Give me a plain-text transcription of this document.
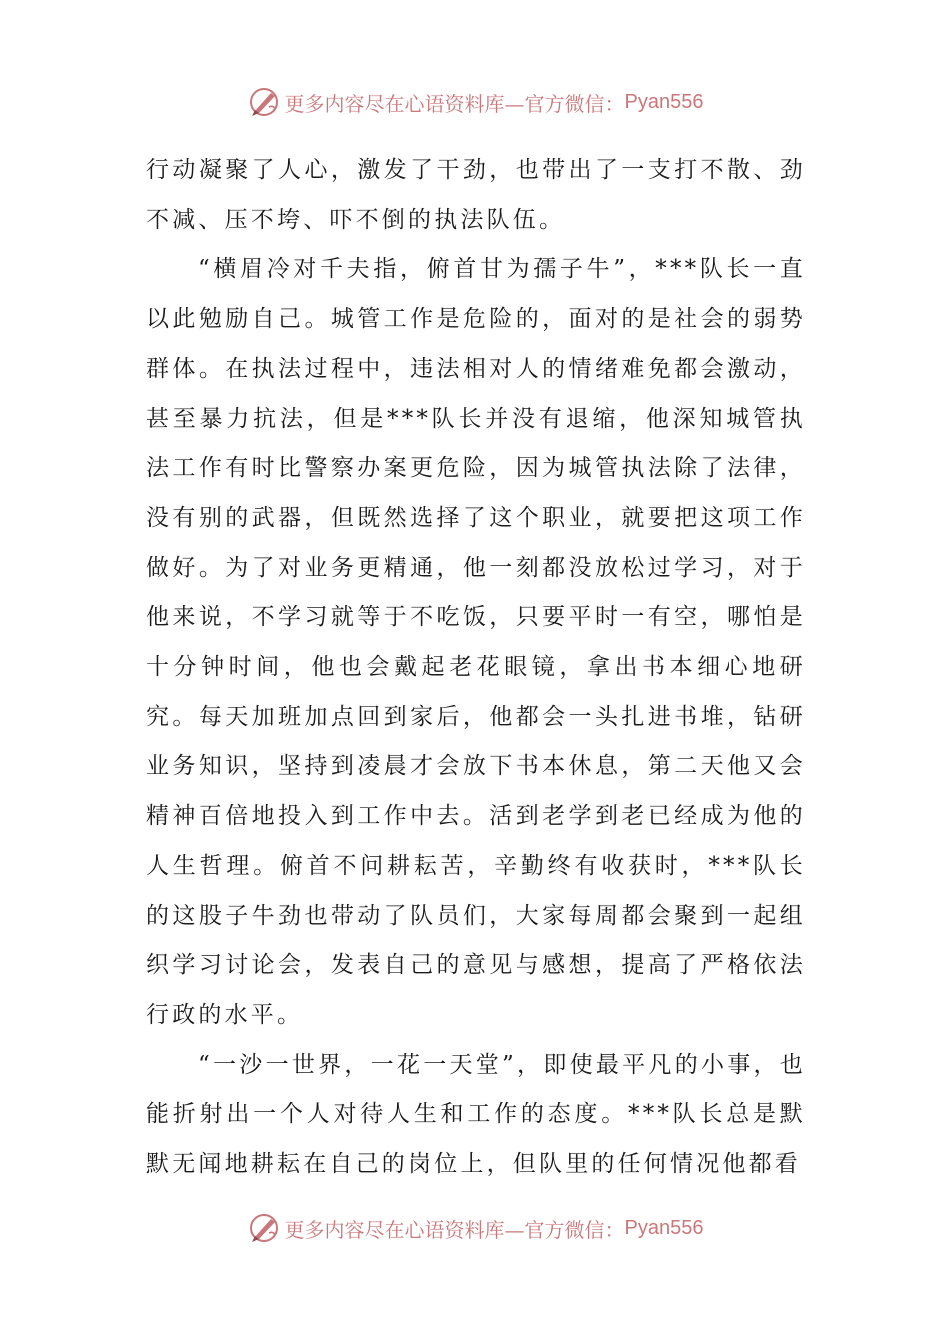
更多内容尽在心语资料库—官方微信： Pyan556

行动凝聚了人心，激发了干劲，也带出了一支打不散、劲不减、压不垮、吓不倒的执法队伍。

“横眉冷对千夫指，俯首甘为孺子牛”，***队长一直以此勉励自己。城管工作是危险的，面对的是社会的弱势群体。在执法过程中，违法相对人的情绪难免都会激动，甚至暴力抗法，但是***队长并没有退缩，他深知城管执法工作有时比警察办案更危险，因为城管执法除了法律，没有别的武器，但既然选择了这个职业，就要把这项工作做好。为了对业务更精通，他一刻都没放松过学习，对于他来说，不学习就等于不吃饭，只要平时一有空，哪怕是十分钟时间，他也会戴起老花眼镜，拿出书本细心地研究。每天加班加点回到家后，他都会一头扎进书堆，钻研业务知识，坚持到凌晨才会放下书本休息，第二天他又会精神百倍地投入到工作中去。活到老学到老已经成为他的人生哲理。俯首不问耕耘苦，辛勤终有收获时，***队长的这股子牛劲也带动了队员们，大家每周都会聚到一起组织学习讨论会，发表自己的意见与感想，提高了严格依法行政的水平。

“一沙一世界，一花一天堂”，即使最平凡的小事，也能折射出一个人对待人生和工作的态度。***队长总是默默无闻地耕耘在自己的岗位上，但队里的任何情况他都看

更多内容尽在心语资料库—官方微信： Pyan556
